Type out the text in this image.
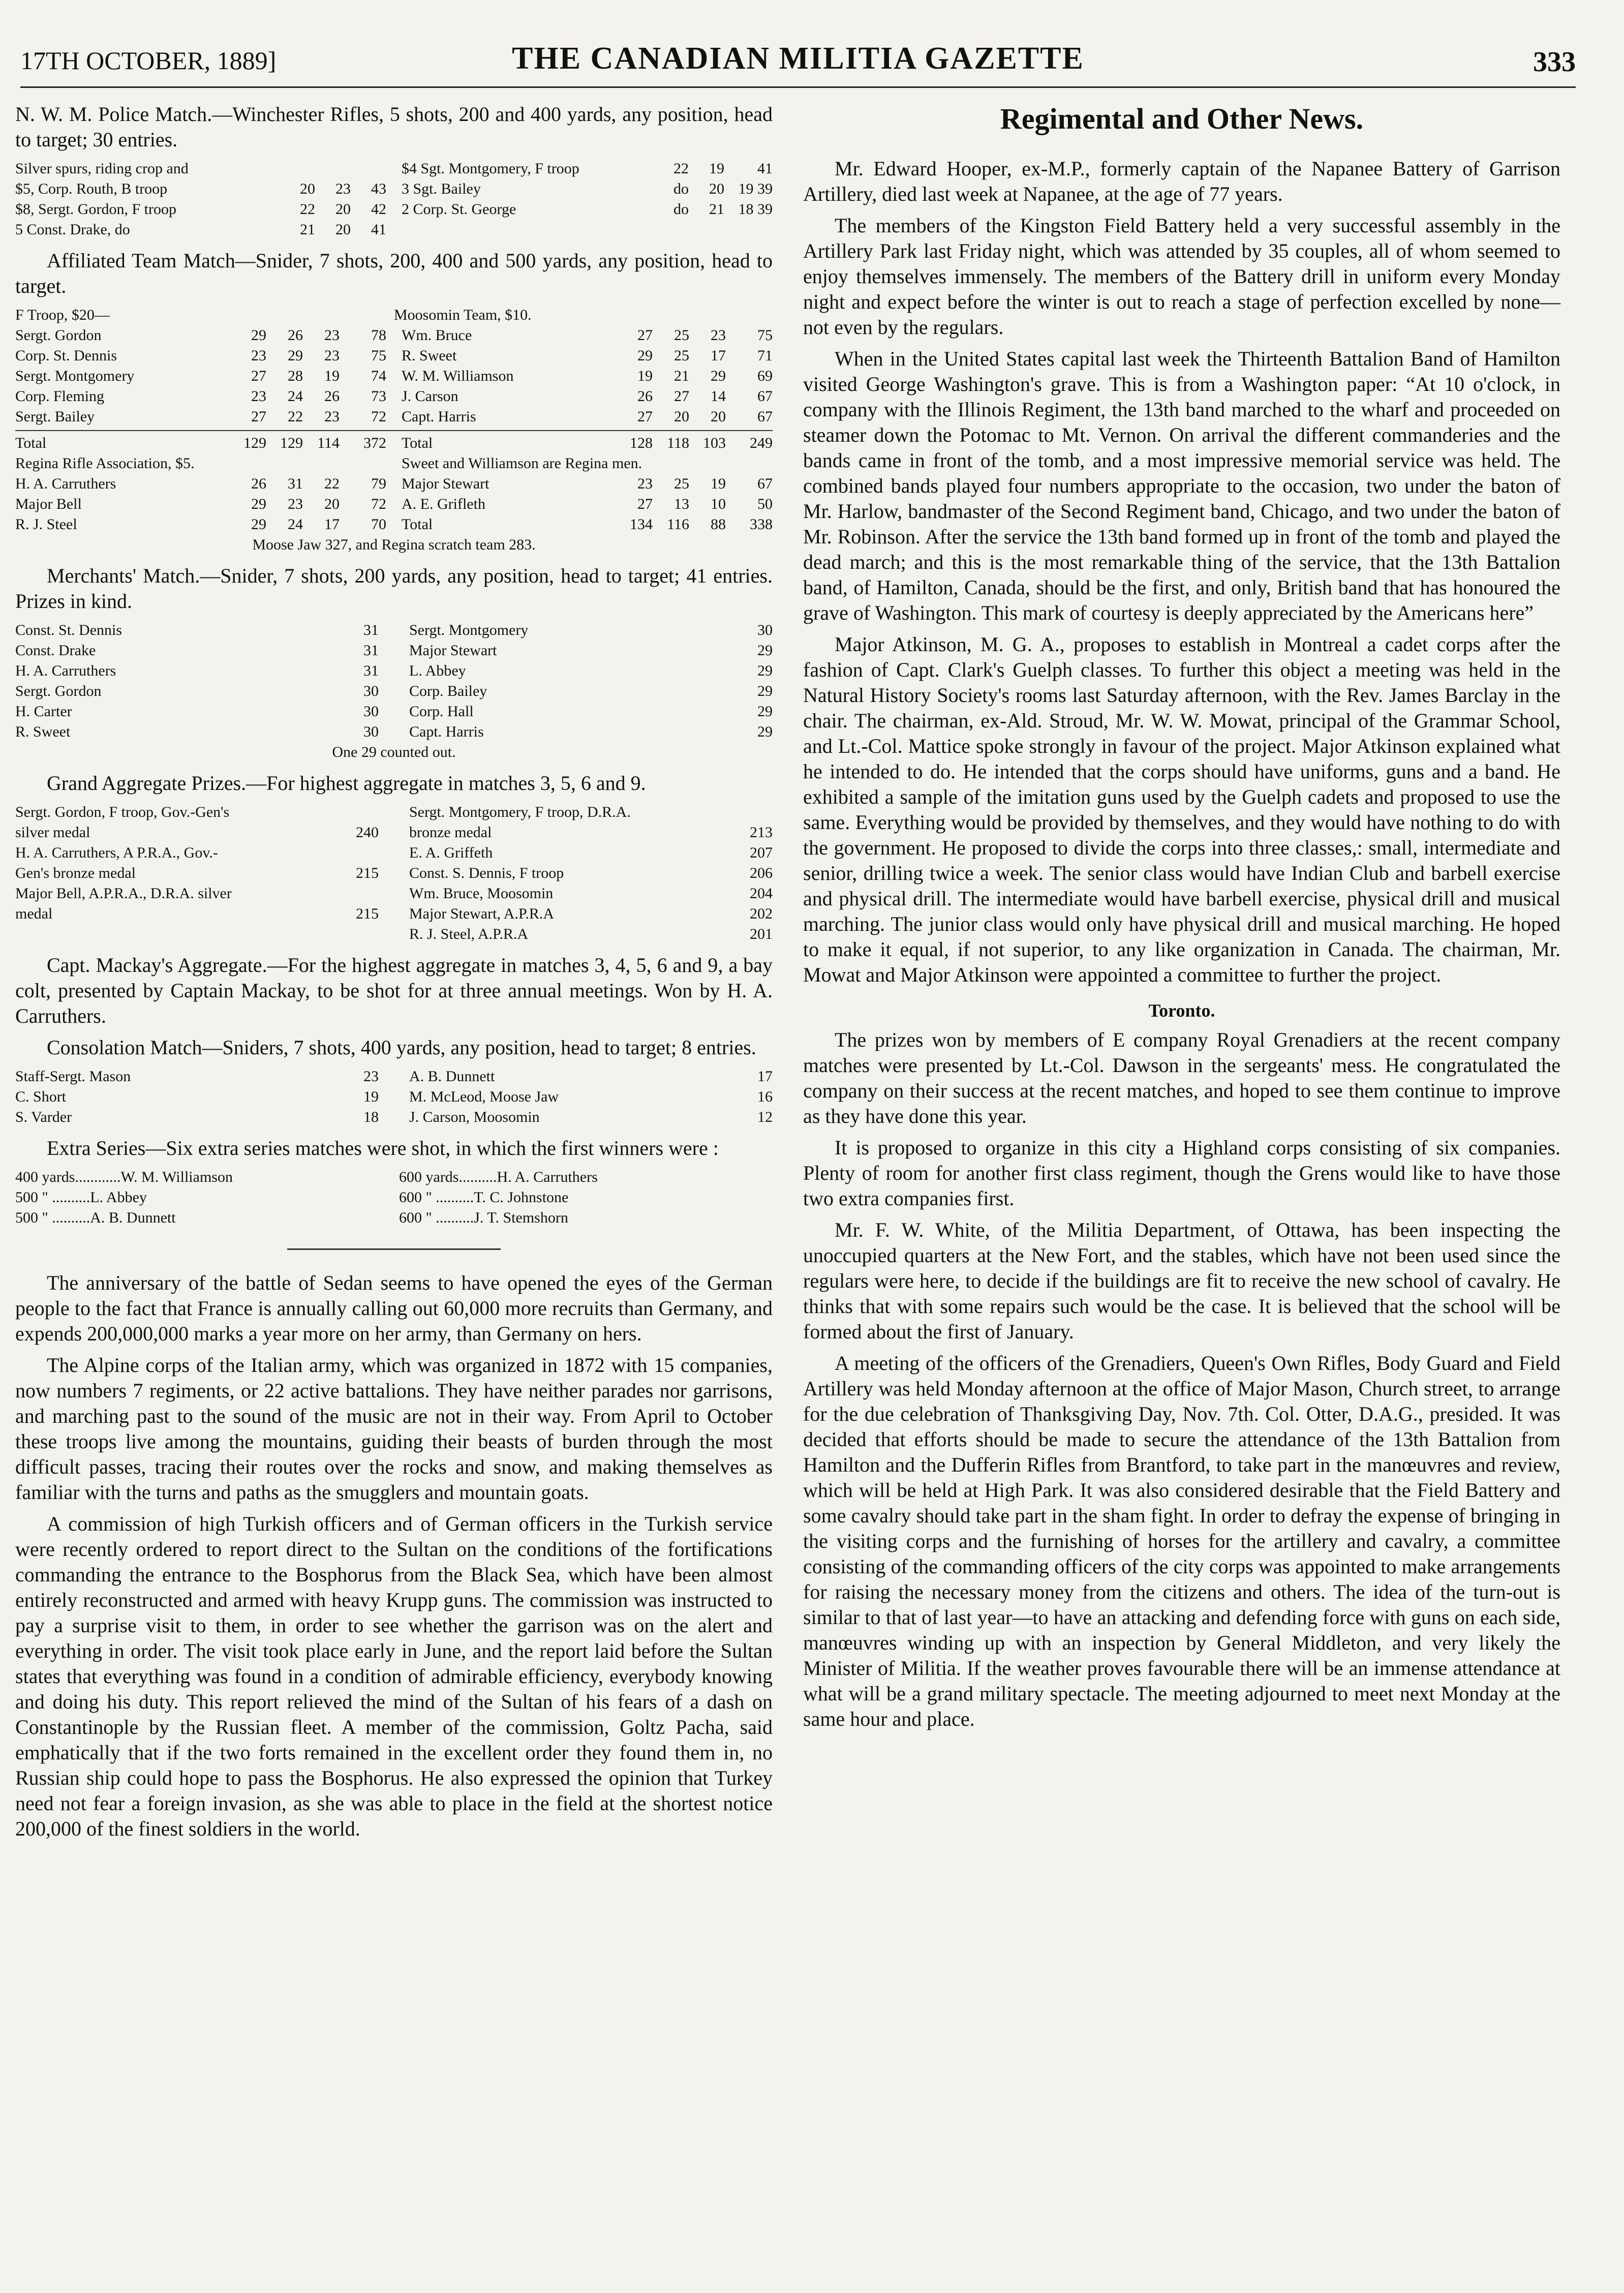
17TH OCTOBER, 1889]	THE CANADIAN MILITIA GAZETTE	333

N. W. M. Police Match.—Winchester Rifles, 5 shots, 200 and 400 yards, any position, head to target; 30 entries.

Silver spurs, riding crop and	$4 Sgt. Montgomery, F troop	22	19	41
$5, Corp. Routh, B troop	20	23	43 3 Sgt. Bailey	do	20 19 39
$8, Sergt. Gordon, F troop	22	20	42 2 Corp. St. George	do	21 18 39
5 Const. Drake, do	21	20	41

Affiliated Team Match—Snider, 7 shots, 200, 400 and 500 yards, any position, head to target.

F Troop, $20—	Moosomin Team, $10.
Sergt. Gordon	29	26	23	78 Wm. Bruce	27	25	23	75
Corp. St. Dennis	23	29	23	75 R. Sweet	29	25	17	71
Sergt. Montgomery	27	28	19	74 W. M. Williamson	19	21	29	69
Corp. Fleming	23	24	26	73 J. Carson	26	27	14	67
Sergt. Bailey	27	22	23	72 Capt. Harris	27	20	20	67
Total	129 129 114	372 Total	128 118 103	249
Regina Rifle Association, $5.	Sweet and Williamson are Regina men.
H. A. Carruthers	26	31	22	79 Major Stewart	23	25	19	67
Major Bell	29	23	20	72 A. E. Grifleth	27	13	10	50
R. J. Steel	29	24	17	70 Total	134 116	88	338
Moose Jaw 327, and Regina scratch team 283.

Merchants' Match.—Snider, 7 shots, 200 yards, any position, head to target; 41 entries. Prizes in kind.

Const. St. Dennis	31 Sergt. Montgomery	30
Const. Drake	31 Major Stewart	29
H. A. Carruthers	31 L. Abbey	29
Sergt. Gordon	30 Corp. Bailey	29
H. Carter	30 Corp. Hall	29
R. Sweet	30 Capt. Harris	29
One 29 counted out.

Grand Aggregate Prizes.—For highest aggregate in matches 3, 5, 6 and 9.

Sergt. Gordon, F troop, Gov.-Gen's	Sergt. Montgomery, F troop, D.R.A.
silver medal	240 bronze medal	213
H. A. Carruthers, A P.R.A., Gov.-	E. A. Griffeth	207
Gen's bronze medal	215 Const. S. Dennis, F troop	206
Major Bell, A.P.R.A., D.R.A. silver	Wm. Bruce, Moosomin	204
medal	215 Major Stewart, A.P.R.A	202
R. J. Steel, A.P.R.A	201

Capt. Mackay's Aggregate.—For the highest aggregate in matches 3, 4, 5, 6 and 9, a bay colt, presented by Captain Mackay, to be shot for at three annual meetings. Won by H. A. Carruthers.

Consolation Match—Sniders, 7 shots, 400 yards, any position, head to target; 8 entries.

Staff-Sergt. Mason	23 A. B. Dunnett	17
C. Short	19 M. McLeod, Moose Jaw	16
S. Varder	18 J. Carson, Moosomin	12

Extra Series—Six extra series matches were shot, in which the first winners were :

400 yards............W. M. Williamson	600 yards..........H. A. Carruthers
500 " ..........L. Abbey	600 " ..........T. C. Johnstone
500 " ..........A. B. Dunnett	600 " ..........J. T. Stemshorn

The anniversary of the battle of Sedan seems to have opened the eyes of the German people to the fact that France is annually calling out 60,000 more recruits than Germany, and expends 200,000,000 marks a year more on her army, than Germany on hers.

The Alpine corps of the Italian army, which was organized in 1872 with 15 companies, now numbers 7 regiments, or 22 active battalions. They have neither parades nor garrisons, and marching past to the sound of the music are not in their way. From April to October these troops live among the mountains, guiding their beasts of burden through the most difficult passes, tracing their routes over the rocks and snow, and making themselves as familiar with the turns and paths as the smugglers and mountain goats.

A commission of high Turkish officers and of German officers in the Turkish service were recently ordered to report direct to the Sultan on the conditions of the fortifications commanding the entrance to the Bosphorus from the Black Sea, which have been almost entirely reconstructed and armed with heavy Krupp guns. The commission was instructed to pay a surprise visit to them, in order to see whether the garrison was on the alert and everything in order. The visit took place early in June, and the report laid before the Sultan states that everything was found in a condition of admirable efficiency, everybody knowing and doing his duty. This report relieved the mind of the Sultan of his fears of a dash on Constantinople by the Russian fleet. A member of the commission, Goltz Pacha, said emphatically that if the two forts remained in the excellent order they found them in, no Russian ship could hope to pass the Bosphorus. He also expressed the opinion that Turkey need not fear a foreign invasion, as she was able to place in the field at the shortest notice 200,000 of the finest soldiers in the world.

Regimental and Other News.

Mr. Edward Hooper, ex-M.P., formerly captain of the Napanee Battery of Garrison Artillery, died last week at Napanee, at the age of 77 years.

The members of the Kingston Field Battery held a very successful assembly in the Artillery Park last Friday night, which was attended by 35 couples, all of whom seemed to enjoy themselves immensely. The members of the Battery drill in uniform every Monday night and expect before the winter is out to reach a stage of perfection excelled by none—not even by the regulars.

When in the United States capital last week the Thirteenth Battalion Band of Hamilton visited George Washington's grave. This is from a Washington paper: “At 10 o'clock, in company with the Illinois Regiment, the 13th band marched to the wharf and proceeded on steamer down the Potomac to Mt. Vernon. On arrival the different commanderies and the bands came in front of the tomb, and a most impressive memorial service was held. The combined bands played four numbers appropriate to the occasion, two under the baton of Mr. Harlow, bandmaster of the Second Regiment band, Chicago, and two under the baton of Mr. Robinson. After the service the 13th band formed up in front of the tomb and played the dead march; and this is the most remarkable thing of the service, that the 13th Battalion band, of Hamilton, Canada, should be the first, and only, British band that has honoured the grave of Washington. This mark of courtesy is deeply appreciated by the Americans here”

Major Atkinson, M. G. A., proposes to establish in Montreal a cadet corps after the fashion of Capt. Clark's Guelph classes. To further this object a meeting was held in the Natural History Society's rooms last Saturday afternoon, with the Rev. James Barclay in the chair. The chairman, ex-Ald. Stroud, Mr. W. W. Mowat, principal of the Grammar School, and Lt.-Col. Mattice spoke strongly in favour of the project. Major Atkinson explained what he intended to do. He intended that the corps should have uniforms, guns and a band. He exhibited a sample of the imitation guns used by the Guelph cadets and proposed to use the same. Everything would be provided by themselves, and they would have nothing to do with the government. He proposed to divide the corps into three classes,: small, intermediate and senior, drilling twice a week. The senior class would have Indian Club and barbell exercise and physical drill. The intermediate would have barbell exercise, physical drill and musical marching. The junior class would only have physical drill and musical marching. He hoped to make it equal, if not superior, to any like organization in Canada. The chairman, Mr. Mowat and Major Atkinson were appointed a committee to further the project.

Toronto.

The prizes won by members of E company Royal Grenadiers at the recent company matches were presented by Lt.-Col. Dawson in the sergeants' mess. He congratulated the company on their success at the recent matches, and hoped to see them continue to improve as they have done this year.

It is proposed to organize in this city a Highland corps consisting of six companies. Plenty of room for another first class regiment, though the Grens would like to have those two extra companies first.

Mr. F. W. White, of the Militia Department, of Ottawa, has been inspecting the unoccupied quarters at the New Fort, and the stables, which have not been used since the regulars were here, to decide if the buildings are fit to receive the new school of cavalry. He thinks that with some repairs such would be the case. It is believed that the school will be formed about the first of January.

A meeting of the officers of the Grenadiers, Queen's Own Rifles, Body Guard and Field Artillery was held Monday afternoon at the office of Major Mason, Church street, to arrange for the due celebration of Thanksgiving Day, Nov. 7th. Col. Otter, D.A.G., presided. It was decided that efforts should be made to secure the attendance of the 13th Battalion from Hamilton and the Dufferin Rifles from Brantford, to take part in the manœuvres and review, which will be held at High Park. It was also considered desirable that the Field Battery and some cavalry should take part in the sham fight. In order to defray the expense of bringing in the visiting corps and the furnishing of horses for the artillery and cavalry, a committee consisting of the commanding officers of the city corps was appointed to make arrangements for raising the necessary money from the citizens and others. The idea of the turn-out is similar to that of last year—to have an attacking and defending force with guns on each side, manœuvres winding up with an inspection by General Middleton, and very likely the Minister of Militia. If the weather proves favourable there will be an immense attendance at what will be a grand military spectacle. The meeting adjourned to meet next Monday at the same hour and place.
